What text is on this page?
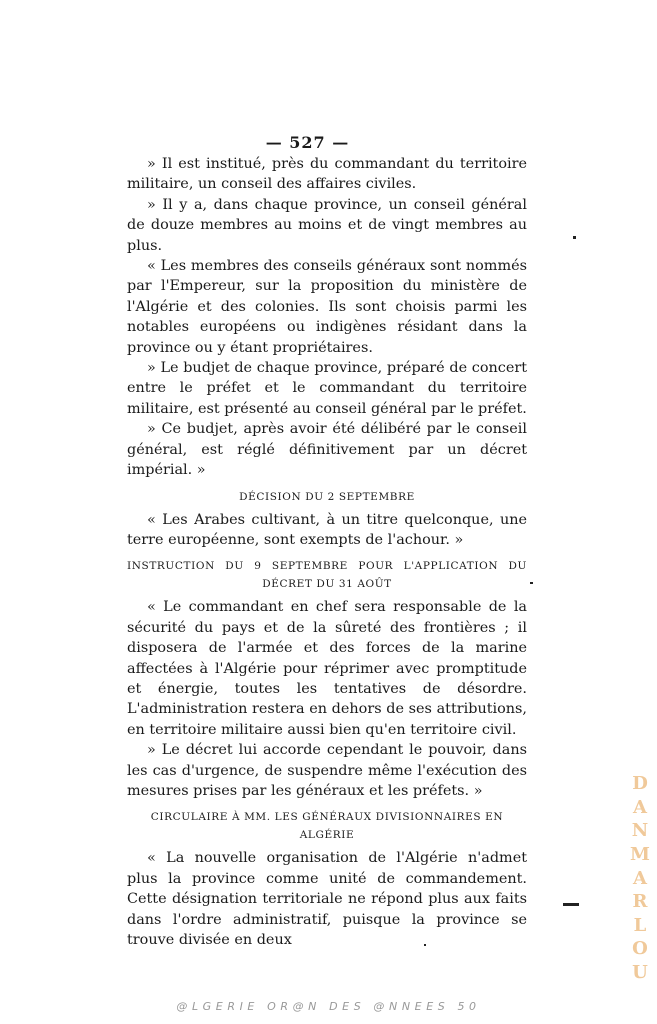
— 527 —

» Il est institué, près du commandant du territoire militaire, un conseil des affaires civiles.

» Il y a, dans chaque province, un conseil général de douze membres au moins et de vingt membres au plus.

« Les membres des conseils généraux sont nommés par l'Empereur, sur la proposition du ministère de l'Algérie et des colonies. Ils sont choisis parmi les notables européens ou indigènes résidant dans la province ou y étant propriétaires.

» Le budjet de chaque province, préparé de concert entre le préfet et le commandant du territoire militaire, est présenté au conseil général par le préfet.

» Ce budjet, après avoir été délibéré par le conseil général, est réglé définitivement par un décret impérial. »

DÉCISION DU 2 SEPTEMBRE

« Les Arabes cultivant, à un titre quelconque, une terre européenne, sont exempts de l'achour. »

INSTRUCTION DU 9 SEPTEMBRE POUR L'APPLICATION DU DÉCRET DU 31 AOÛT

« Le commandant en chef sera responsable de la sécurité du pays et de la sûreté des frontières ; il disposera de l'armée et des forces de la marine affectées à l'Algérie pour réprimer avec promptitude et énergie, toutes les tentatives de désordre. L'administration restera en dehors de ses attributions, en territoire militaire aussi bien qu'en territoire civil.

» Le décret lui accorde cependant le pouvoir, dans les cas d'urgence, de suspendre même l'exécution des mesures prises par les généraux et les préfets. »

CIRCULAIRE À MM. LES GÉNÉRAUX DIVISIONNAIRES EN ALGÉRIE

« La nouvelle organisation de l'Algérie n'admet plus la province comme unité de commandement. Cette désignation territoriale ne répond plus aux faits dans l'ordre administratif, puisque la province se trouve divisée en deux

D
A
N
M
A
R
L
O
U
@LGERIE OR@N DES @NNEES 50
